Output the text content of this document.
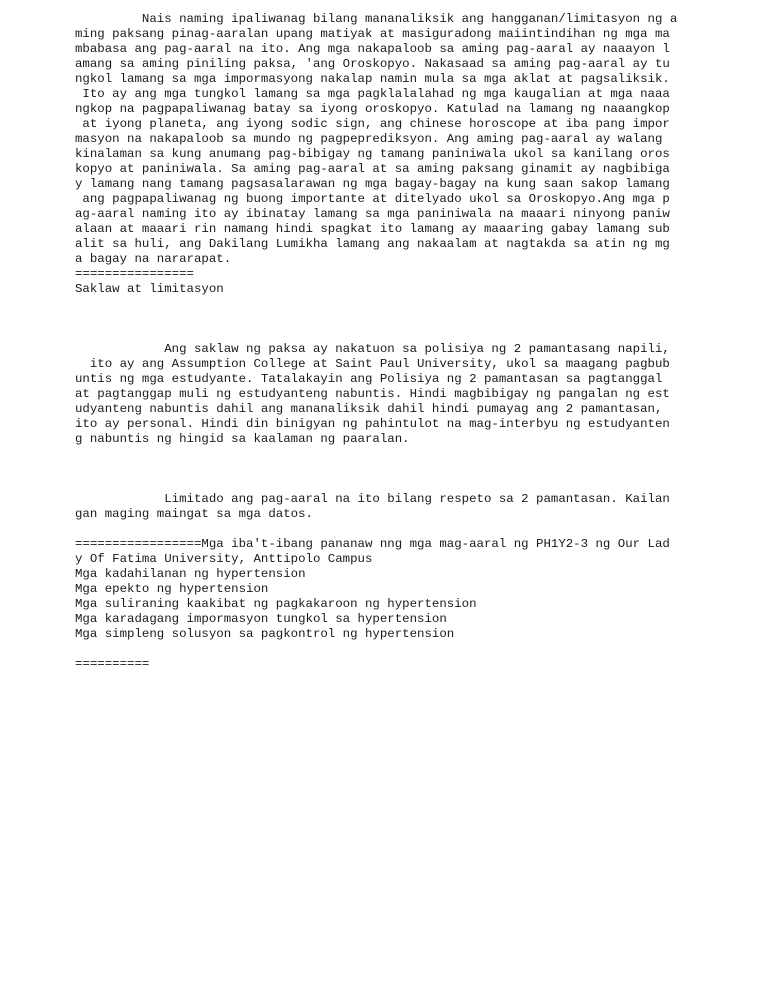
Nais naming ipaliwanag bilang mananaliksik ang hangganan/limitasyon ng a
ming paksang pinag-aaralan upang matiyak at masiguradong maiintindihan ng mga ma
mbabasa ang pag-aaral na ito. Ang mga nakapaloob sa aming pag-aaral ay naaayon l
amang sa aming piniling paksa, 'ang Oroskopyo. Nakasaad sa aming pag-aaral ay tu
ngkol lamang sa mga impormasyong nakalap namin mula sa mga aklat at pagsaliksik.
Ito ay ang mga tungkol lamang sa mga pagklalalahad ng mga kaugalian at mga naaa
ngkop na pagpapaliwanag batay sa iyong oroskopyo. Katulad na lamang ng naaangkop
at iyong planeta, ang iyong sodic sign, ang chinese horoscope at iba pang impor
masyon na nakapaloob sa mundo ng pagpeprediksyon. Ang aming pag-aaral ay walang
kinalaman sa kung anumang pag-bibigay ng tamang paniniwala ukol sa kanilang oros
kopyo at paniniwala. Sa aming pag-aaral at sa aming paksang ginamit ay nagbibiga
y lamang nang tamang pagsasalarawan ng mga bagay-bagay na kung saan sakop lamang
ang pagpapaliwanag ng buong importante at ditelyado ukol sa Oroskopyo.Ang mga p
ag-aaral naming ito ay ibinatay lamang sa mga paniniwala na maaari ninyong paniw
alaan at maaari rin namang hindi spagkat ito lamang ay maaaring gabay lamang sub
alit sa huli, ang Dakilang Lumikha lamang ang nakaalam at nagtakda sa atin ng mg
a bagay na nararapat.
================
Saklaw at limitasyon
Ang saklaw ng paksa ay nakatuon sa polisiya ng 2 pamantasang napili,
ito ay ang Assumption College at Saint Paul University, ukol sa maagang pagbub
untis ng mga estudyante. Tatalakayin ang Polisiya ng 2 pamantasan sa pagtanggal
at pagtanggap muli ng estudyanteng nabuntis. Hindi magbibigay ng pangalan ng est
udyanteng nabuntis dahil ang mananaliksik dahil hindi pumayag ang 2 pamantasan,
ito ay personal. Hindi din binigyan ng pahintulot na mag-interbyu ng estudyanten
g nabuntis ng hingid sa kaalaman ng paaralan.
Limitado ang pag-aaral na ito bilang respeto sa 2 pamantasan. Kailan
gan maging maingat sa mga datos.
=================Mga iba't-ibang pananaw nng mga mag-aaral ng PH1Y2-3 ng Our Lad
y Of Fatima University, Anttipolo Campus
Mga kadahilanan ng hypertension
Mga epekto ng hypertension
Mga suliraning kaakibat ng pagkakaroon ng hypertension
Mga karadagang impormasyon tungkol sa hypertension
Mga simpleng solusyon sa pagkontrol ng hypertension
==========
